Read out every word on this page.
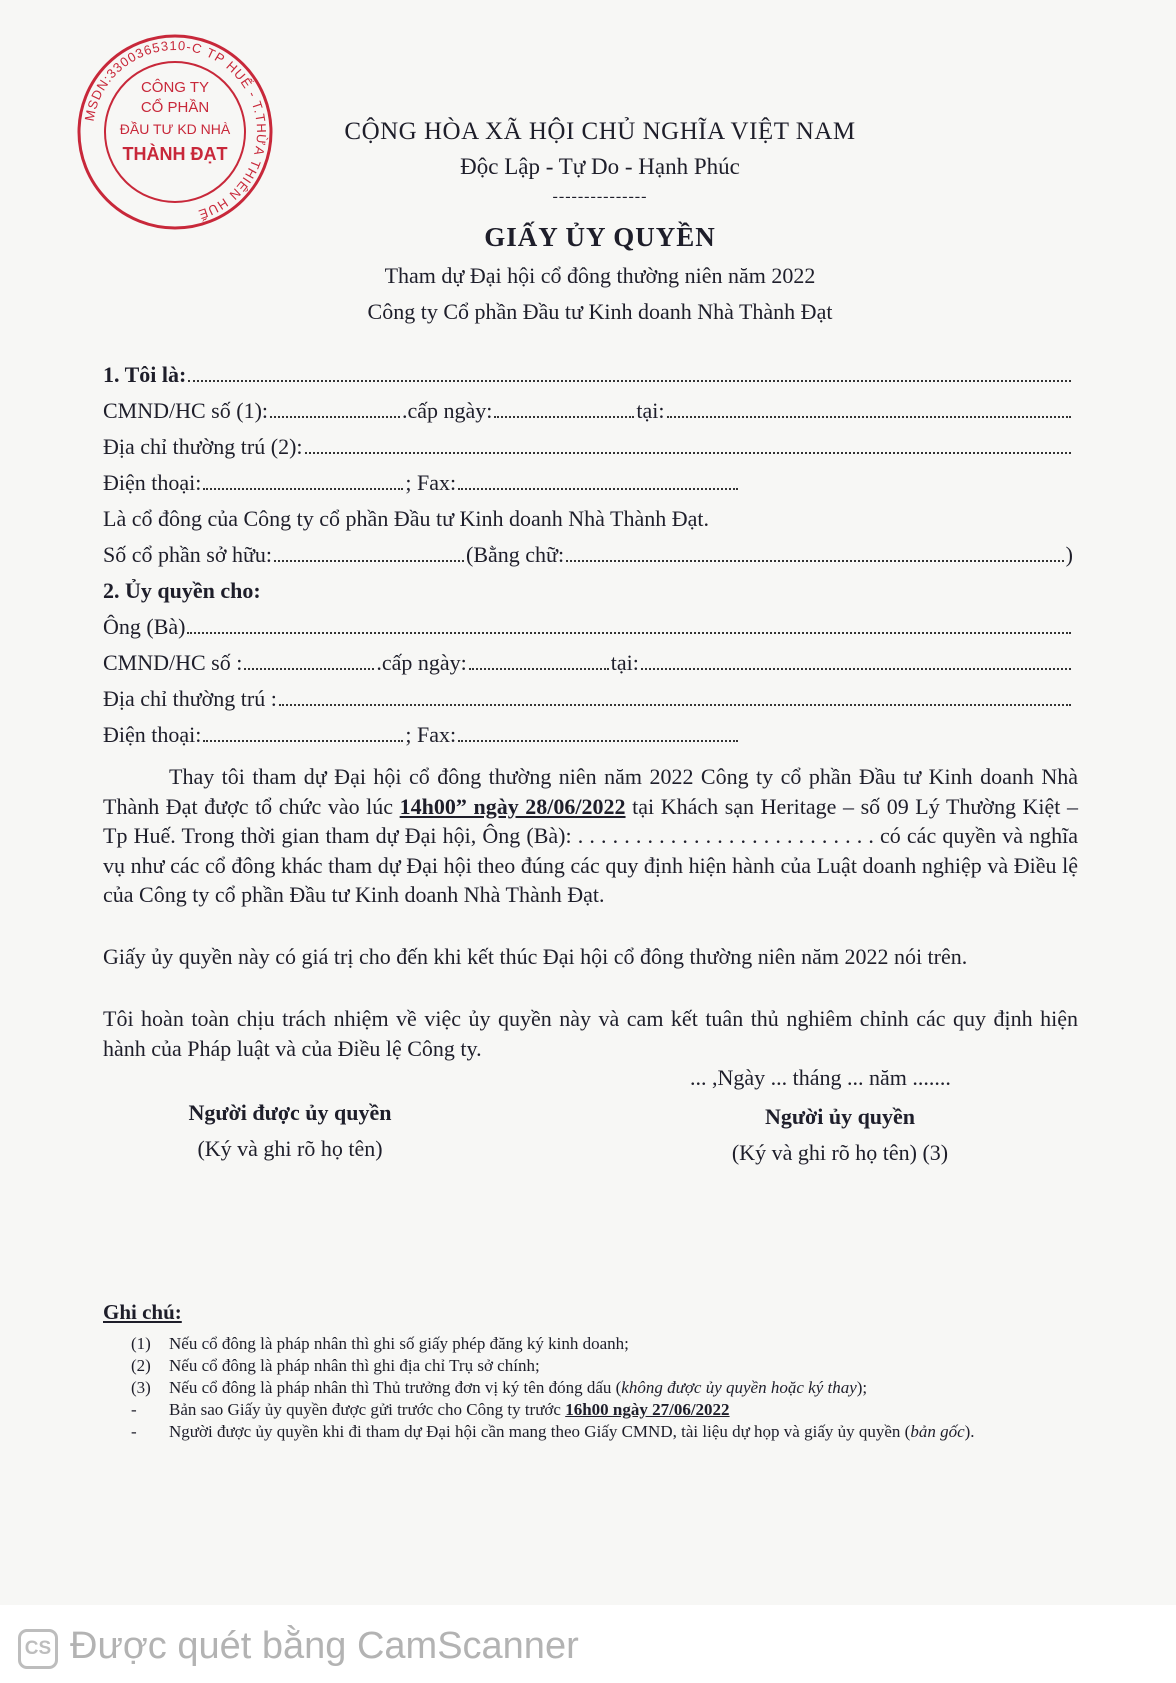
MSDN:3300365310-C TP HUẾ - T.THỪA THIÊN HUẾ
CÔNG TY
CỔ PHẦN
ĐẦU TƯ KD NHÀ
THÀNH ĐẠT
CỘNG HÒA XÃ HỘI CHỦ NGHĨA VIỆT NAM
Độc Lập - Tự Do - Hạnh Phúc
---------------
GIẤY ỦY QUYỀN
Tham dự Đại hội cổ đông thường niên năm 2022
Công ty Cổ phần Đầu tư Kinh doanh Nhà Thành Đạt
1. Tôi là:
CMND/HC số (1):	.cấp ngày:	tại:
Địa chỉ thường trú (2):
Điện thoại:	; Fax:
Là cổ đông của Công ty cổ phần Đầu tư Kinh doanh Nhà Thành Đạt.
Số cổ phần sở hữu:	(Bằng chữ:	)
2. Ủy quyền cho:
Ông (Bà)
CMND/HC số :	.cấp ngày:	tại:
Địa chỉ thường trú :
Điện thoại:	; Fax:
Thay tôi tham dự Đại hội cổ đông thường niên năm 2022 Công ty cổ phần Đầu tư Kinh doanh Nhà Thành Đạt được tổ chức vào lúc 14h00” ngày 28/06/2022 tại Khách sạn Heritage – số 09 Lý Thường Kiệt – Tp Huế. Trong thời gian tham dự Đại hội, Ông (Bà): . . . . . . . . . . . . . . . . . . . . . . . . . . có các quyền và nghĩa vụ như các cổ đông khác tham dự Đại hội theo đúng các quy định hiện hành của Luật doanh nghiệp và Điều lệ của Công ty cổ phần Đầu tư Kinh doanh Nhà Thành Đạt.
Giấy ủy quyền này có giá trị cho đến khi kết thúc Đại hội cổ đông thường niên năm 2022 nói trên.
Tôi hoàn toàn chịu trách nhiệm về việc ủy quyền này và cam kết tuân thủ nghiêm chỉnh các quy định hiện hành của Pháp luật và của Điều lệ Công ty.
... ,Ngày ... tháng ... năm .......
Người được ủy quyền
(Ký và ghi rõ họ tên)
Người ủy quyền
(Ký và ghi rõ họ tên) (3)
Ghi chú:
(1)	Nếu cổ đông là pháp nhân thì ghi số giấy phép đăng ký kinh doanh;
(2)	Nếu cổ đông là pháp nhân thì ghi địa chỉ Trụ sở chính;
(3)	Nếu cổ đông là pháp nhân thì Thủ trưởng đơn vị ký tên đóng dấu (không được ủy quyền hoặc ký thay);
-	Bản sao Giấy ủy quyền được gửi trước cho Công ty trước 16h00 ngày 27/06/2022
-	Người được ủy quyền khi đi tham dự Đại hội cần mang theo Giấy CMND, tài liệu dự họp và giấy ủy quyền (bản gốc).
CS Được quét bằng CamScanner
